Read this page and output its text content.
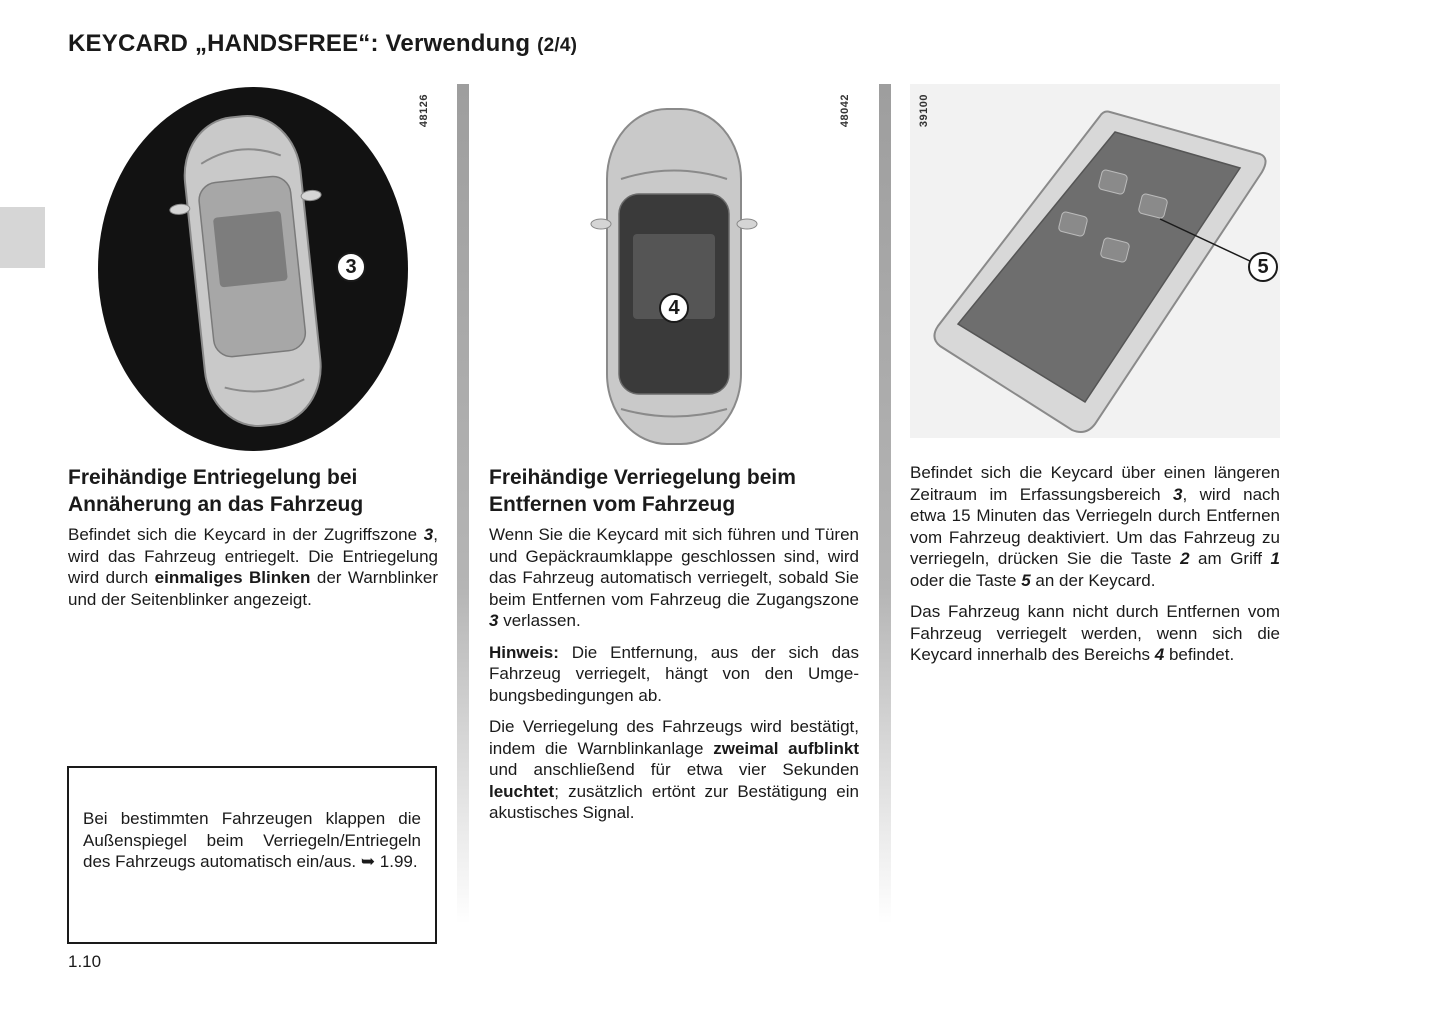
KEYCARD „HANDSFREE“: Verwendung (2/4)
48126
3
Freihändige Entriegelung bei Annäherung an das Fahrzeug

Befindet sich die Keycard in der Zugriffszone 3, wird das Fahrzeug entriegelt. Die Entriegelung wird durch einmaliges Blinken der Warnblinker und der Seitenblinker angezeigt.

Bei bestimmten Fahrzeugen klappen die Außenspiegel beim Verriegeln/Entriegeln des Fahrzeugs automatisch ein/aus. ➥ 1.99.
48042
4
Freihändige Verriegelung beim Entfernen vom Fahrzeug

Wenn Sie die Keycard mit sich führen und Türen und Gepäckraumklappe geschlossen sind, wird das Fahrzeug automatisch verriegelt, sobald Sie beim Entfernen vom Fahrzeug die Zugangszone 3 verlassen.

Hinweis: Die Entfernung, aus der sich das Fahrzeug verriegelt, hängt von den Umgebungsbedingungen ab.

Die Verriegelung des Fahrzeugs wird bestätigt, indem die Warnblinkanlage zweimal aufblinkt und anschließend für etwa vier Sekunden leuchtet; zusätzlich ertönt zur Bestätigung ein akustisches Signal.

39100
5

Befindet sich die Keycard über einen längeren Zeitraum im Erfassungsbereich 3, wird nach etwa 15 Minuten das Verriegeln durch Entfernen vom Fahrzeug deaktiviert. Um das Fahrzeug zu verriegeln, drücken Sie die Taste 2 am Griff 1 oder die Taste 5 an der Keycard.

Das Fahrzeug kann nicht durch Entfernen vom Fahrzeug verriegelt werden, wenn sich die Keycard innerhalb des Bereichs 4 befindet.

1.10
